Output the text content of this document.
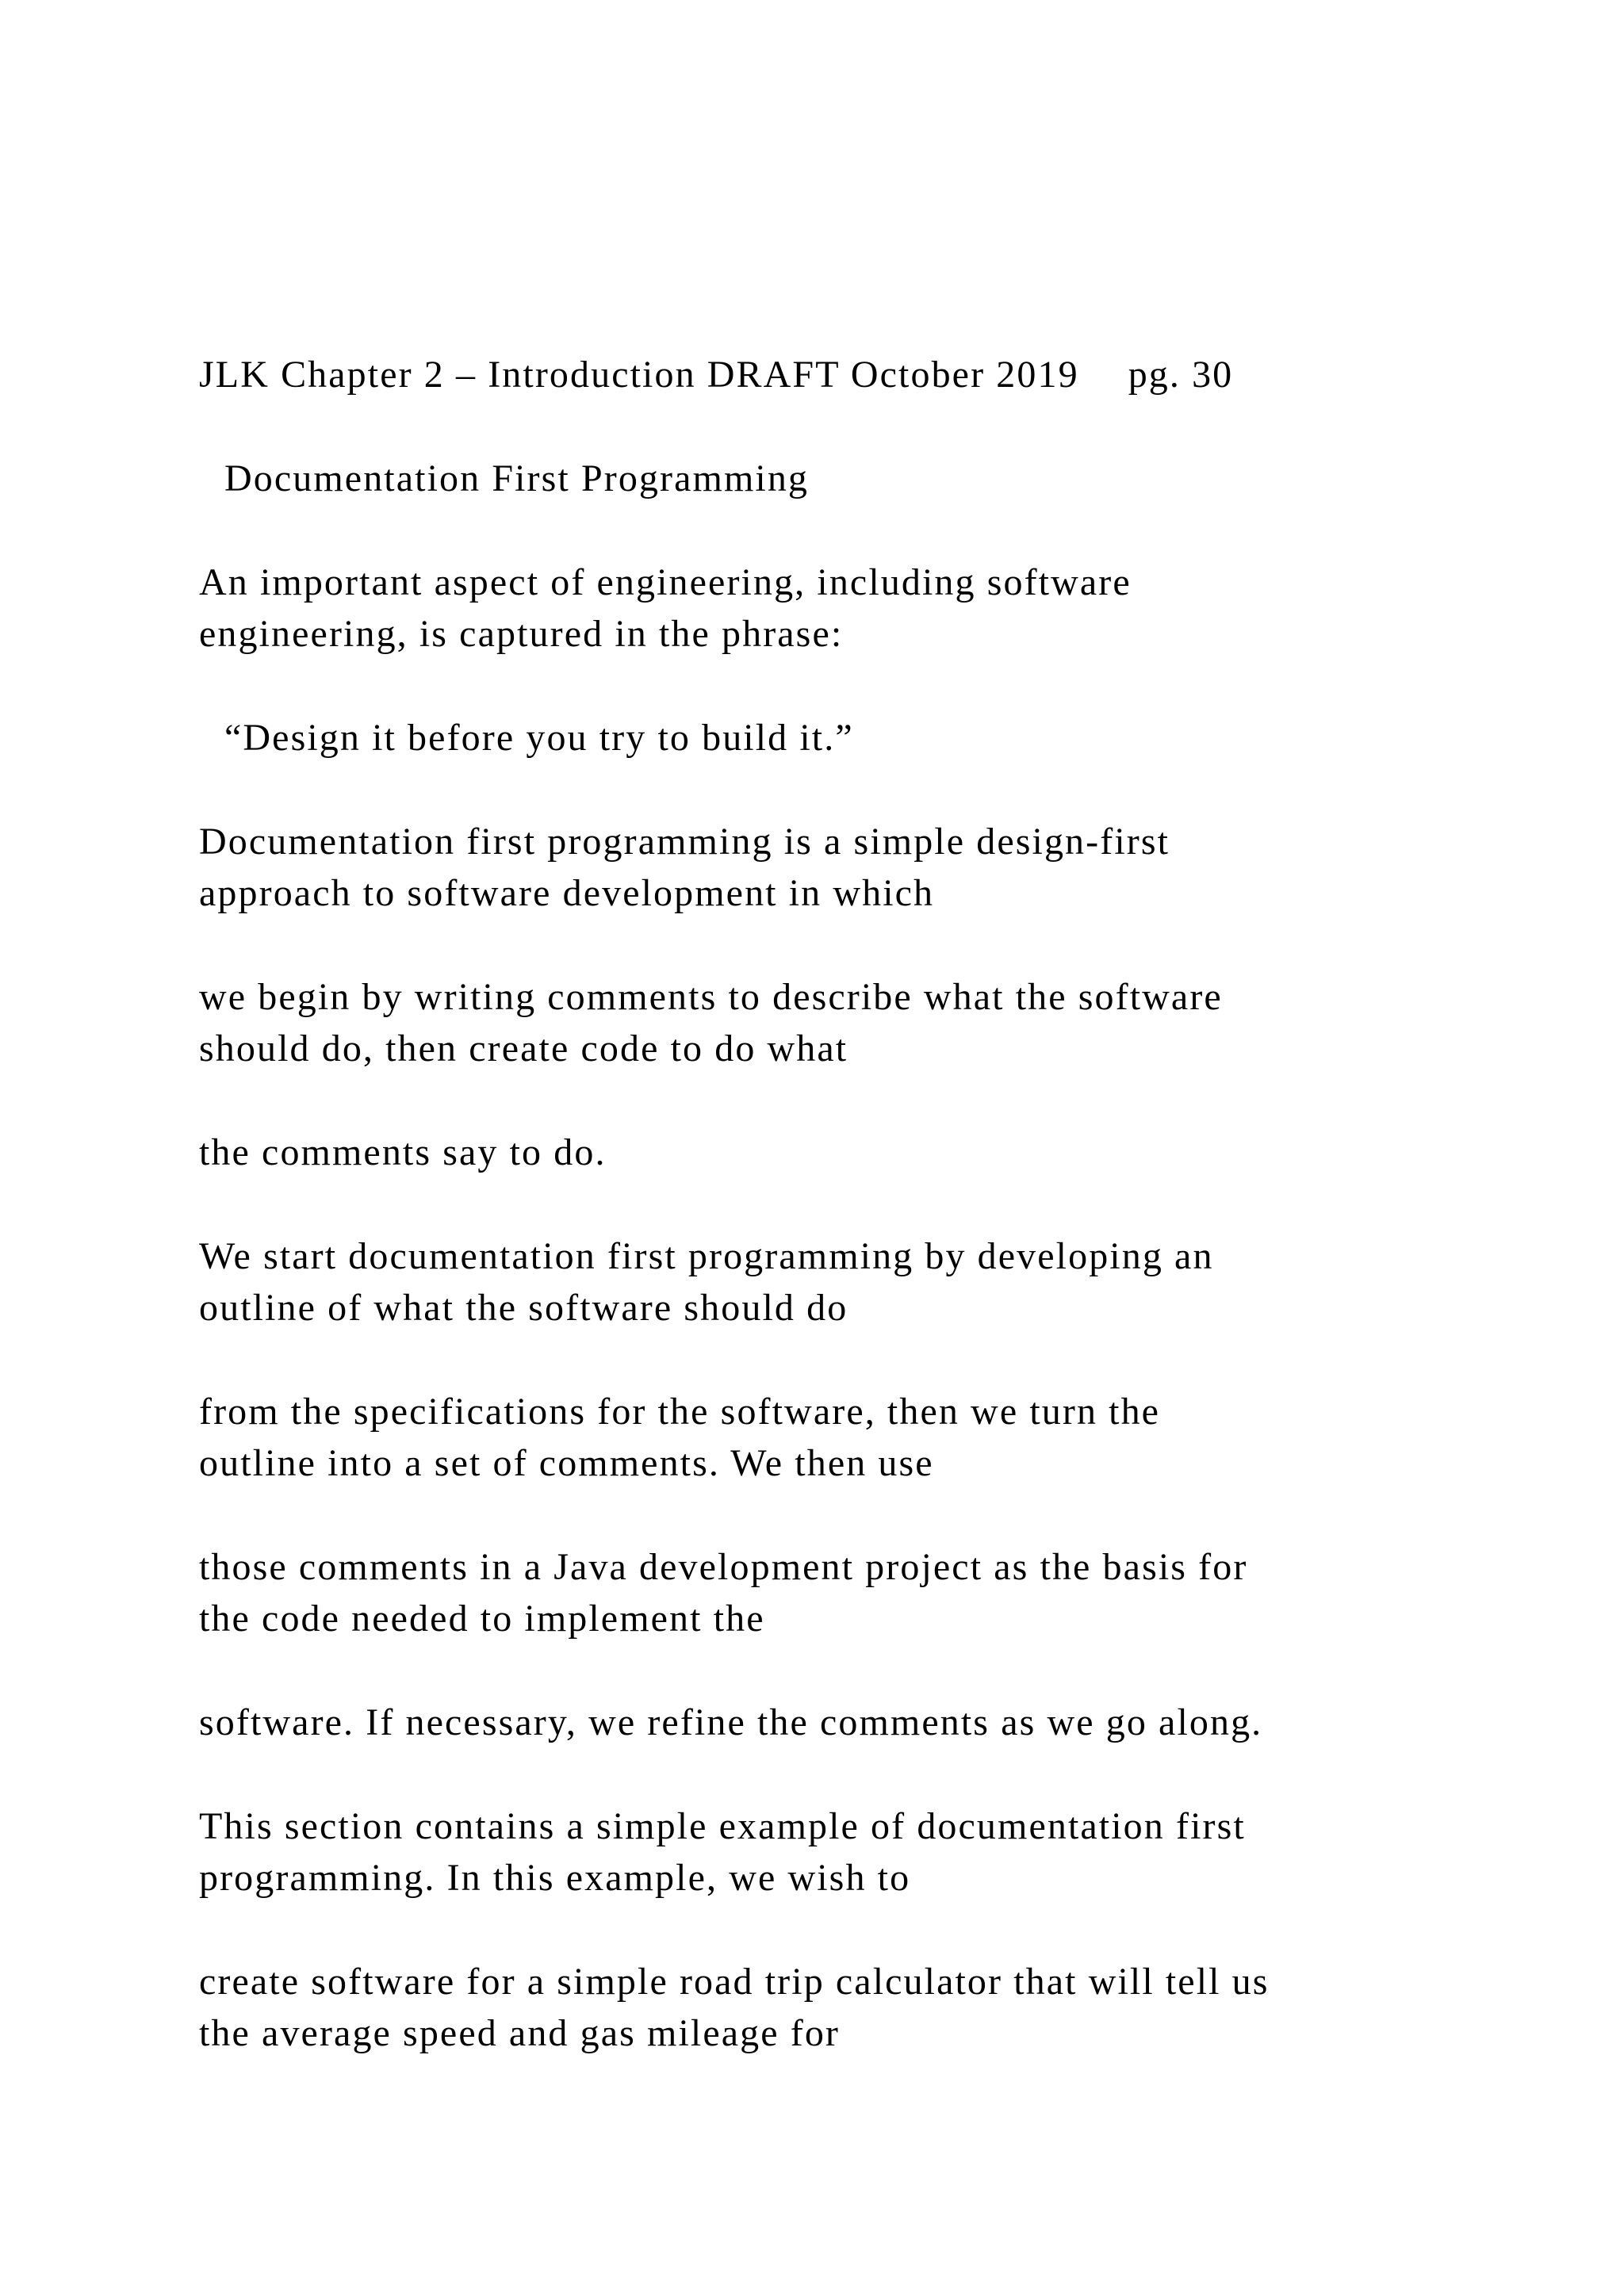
JLK Chapter 2 – Introduction DRAFT October 2019 pg. 30

Documentation First Programming

An important aspect of engineering, including software

engineering, is captured in the phrase:

“Design it before you try to build it.”

Documentation first programming is a simple design-first

approach to software development in which

we begin by writing comments to describe what the software

should do, then create code to do what

the comments say to do.

We start documentation first programming by developing an

outline of what the software should do

from the specifications for the software, then we turn the

outline into a set of comments. We then use

those comments in a Java development project as the basis for

the code needed to implement the

software. If necessary, we refine the comments as we go along.

This section contains a simple example of documentation first

programming. In this example, we wish to

create software for a simple road trip calculator that will tell us

the average speed and gas mileage for
